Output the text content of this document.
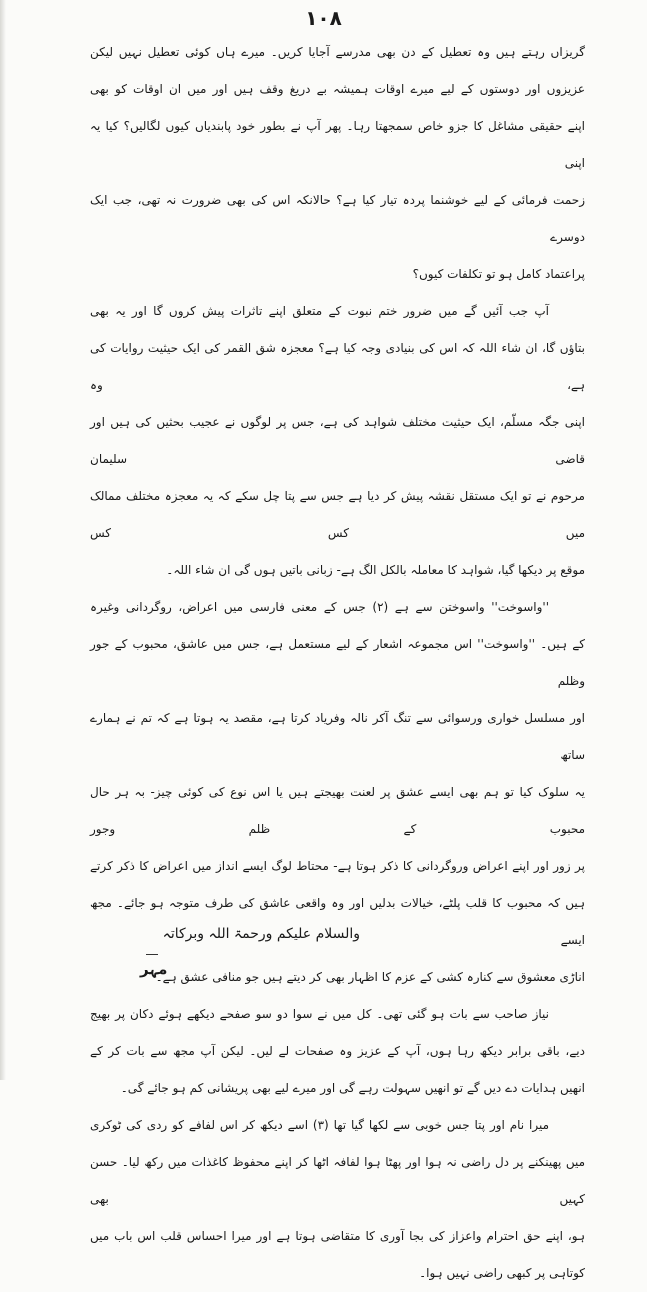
۱۰۸
گریزاں رہتے ہیں وہ تعطیل کے دن بھی مدرسے آجایا کریں۔ میرے ہاں کوئی تعطیل نہیں لیکن
عزیزوں اور دوستوں کے لیے میرے اوقات ہمیشہ بے دریغ وقف ہیں اور میں ان اوقات کو بھی
اپنے حقیقی مشاغل کا جزو خاص سمجھتا رہا۔ پھر آپ نے بطور خود پابندیاں کیوں لگالیں؟ کیا یہ اپنی
زحمت فرمائی کے لیے خوشنما پردہ تیار کیا ہے؟ حالانکہ اس کی بھی ضرورت نہ تھی، جب ایک دوسرے
پراعتماد کامل ہو تو تکلفات کیوں؟
آپ جب آئیں گے میں ضرور ختم نبوت کے متعلق اپنے تاثرات پیش کروں گا اور یہ بھی
بتاؤں گا، ان شاء اللہ کہ اس کی بنیادی وجہ کیا ہے؟ معجزہ شق القمر کی ایک حیثیت روایات کی ہے، وہ
اپنی جگہ مسلّم، ایک حیثیت مختلف شواہد کی ہے، جس پر لوگوں نے عجیب بحثیں کی ہیں اور قاضی سلیمان
مرحوم نے تو ایک مستقل نقشہ پیش کر دیا ہے جس سے پتا چل سکے کہ یہ معجزہ مختلف ممالک میں کس کس
موقع پر دیکھا گیا، شواہد کا معاملہ بالکل الگ ہے- زبانی باتیں ہوں گی ان شاء اللہ۔
''واسوخت'' واسوختن سے ہے (۲) جس کے معنی فارسی میں اعراض، روگردانی وغیرہ
کے ہیں۔ ''واسوخت'' اس مجموعہ اشعار کے لیے مستعمل ہے، جس میں عاشق، محبوب کے جور وظلم
اور مسلسل خواری ورسوائی سے تنگ آکر نالہ وفریاد کرتا ہے، مقصد یہ ہوتا ہے کہ تم نے ہمارے ساتھ
یہ سلوک کیا تو ہم بھی ایسے عشق پر لعنت بھیجتے ہیں یا اس نوع کی کوئی چیز- بہ ہر حال محبوب کے ظلم وجور
پر زور اور اپنے اعراض وروگردانی کا ذکر ہوتا ہے- محتاط لوگ ایسے انداز میں اعراض کا ذکر کرتے
ہیں کہ محبوب کا قلب پلٹے، خیالات بدلیں اور وہ واقعی عاشق کی طرف متوجہ ہو جائے۔ مجھ ایسے
اناڑی معشوق سے کنارہ کشی کے عزم کا اظہار بھی کر دیتے ہیں جو منافی عشق ہے۔
نیاز صاحب سے بات ہو گئی تھی۔ کل میں نے سوا دو سو صفحے دیکھے ہوئے دکان پر بھیج
دیے، باقی برابر دیکھ رہا ہوں، آپ کے عزیز وہ صفحات لے لیں۔ لیکن آپ مجھ سے بات کر کے
انھیں ہدایات دے دیں گے تو انھیں سہولت رہے گی اور میرے لیے بھی پریشانی کم ہو جائے گی۔
میرا نام اور پتا جس خوبی سے لکھا گیا تھا (۳) اسے دیکھ کر اس لفافے کو ردی کی ٹوکری
میں پھینکنے پر دل راضی نہ ہوا اور پھٹا ہوا لفافہ اٹھا کر اپنے محفوظ کاغذات میں رکھ لیا۔ حسن کہیں بھی
ہو، اپنے حق احترام واعزاز کی بجا آوری کا متقاضی ہوتا ہے اور میرا احساس قلب اس باب میں
کوتاہی پر کبھی راضی نہیں ہوا۔
والسلام علیکم ورحمۃ اللہ وبرکاتہ
مہر
